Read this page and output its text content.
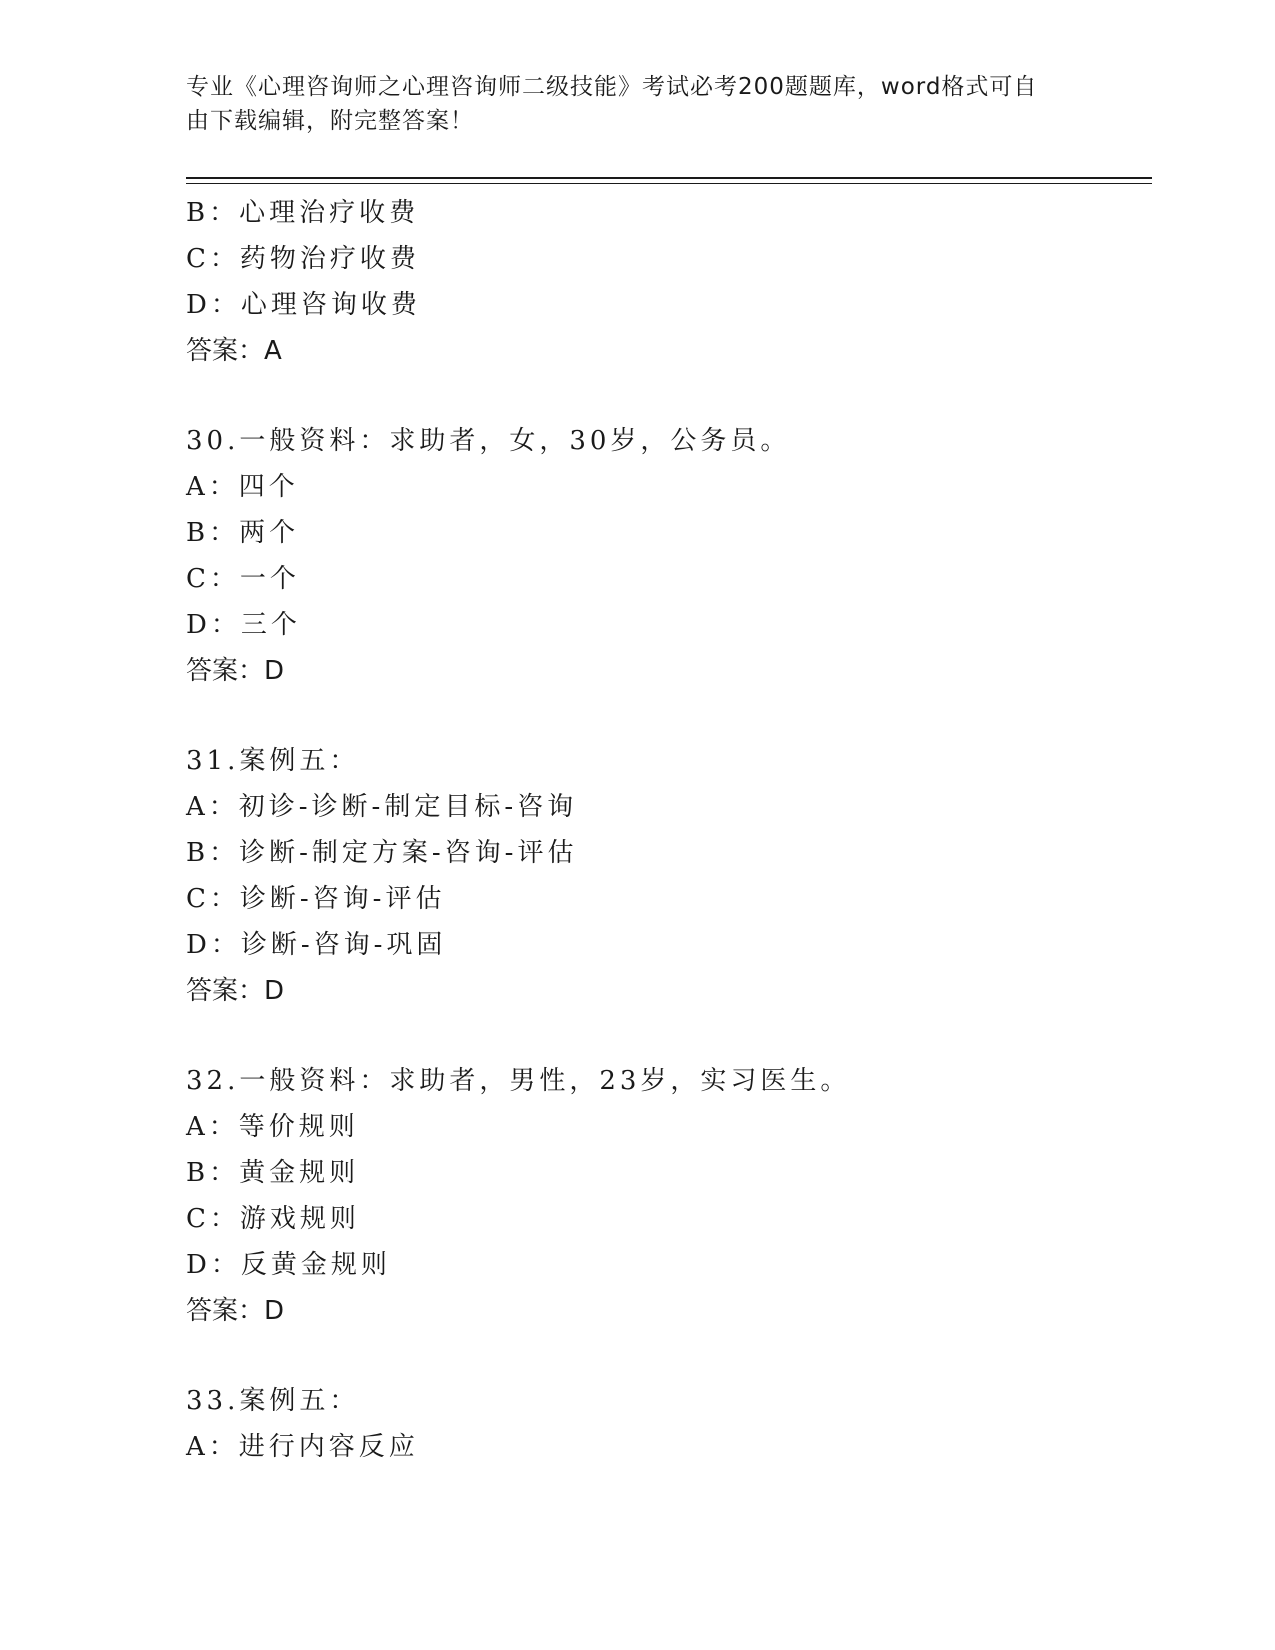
专业《心理咨询师之心理咨询师二级技能》考试必考200题题库，word格式可自
由下载编辑，附完整答案！
B：心理治疗收费
C：药物治疗收费
D：心理咨询收费
答案：A
30.一般资料：求助者，女，30岁，公务员。
A：四个
B：两个
C：一个
D：三个
答案：D
31.案例五：
A：初诊-诊断-制定目标-咨询
B：诊断-制定方案-咨询-评估
C：诊断-咨询-评估
D：诊断-咨询-巩固
答案：D
32.一般资料：求助者，男性，23岁，实习医生。
A：等价规则
B：黄金规则
C：游戏规则
D：反黄金规则
答案：D
33.案例五：
A：进行内容反应
